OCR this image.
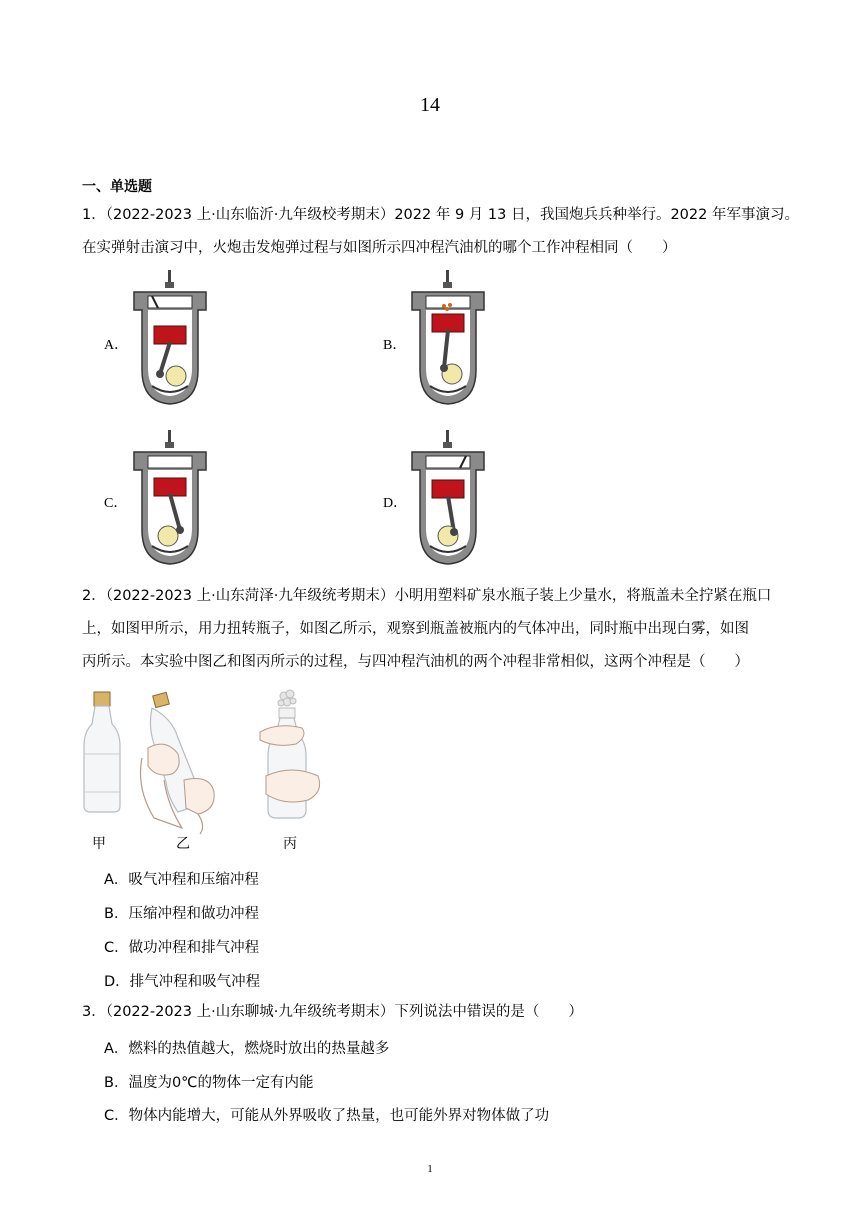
14
一、单选题
1．（2022-2023 上·山东临沂·九年级校考期末）2022 年 9 月 13 日，我国炮兵兵种举行。2022 年军事演习。
在实弹射击演习中，火炮击发炮弹过程与如图所示四冲程汽油机的哪个工作冲程相同（　　）
A．	B．
C．	D．
2．（2022-2023 上·山东菏泽·九年级统考期末）小明用塑料矿泉水瓶子装上少量水，将瓶盖未全拧紧在瓶口
上，如图甲所示，用力扭转瓶子，如图乙所示，观察到瓶盖被瓶内的气体冲出，同时瓶中出现白雾，如图
丙所示。本实验中图乙和图丙所示的过程，与四冲程汽油机的两个冲程非常相似，这两个冲程是（　　）
甲	乙	丙
A．吸气冲程和压缩冲程
B．压缩冲程和做功冲程
C．做功冲程和排气冲程
D．排气冲程和吸气冲程
3．（2022-2023 上·山东聊城·九年级统考期末）下列说法中错误的是（　　）
A．燃料的热值越大，燃烧时放出的热量越多
B．温度为0℃的物体一定有内能
C．物体内能增大，可能从外界吸收了热量，也可能外界对物体做了功
1
